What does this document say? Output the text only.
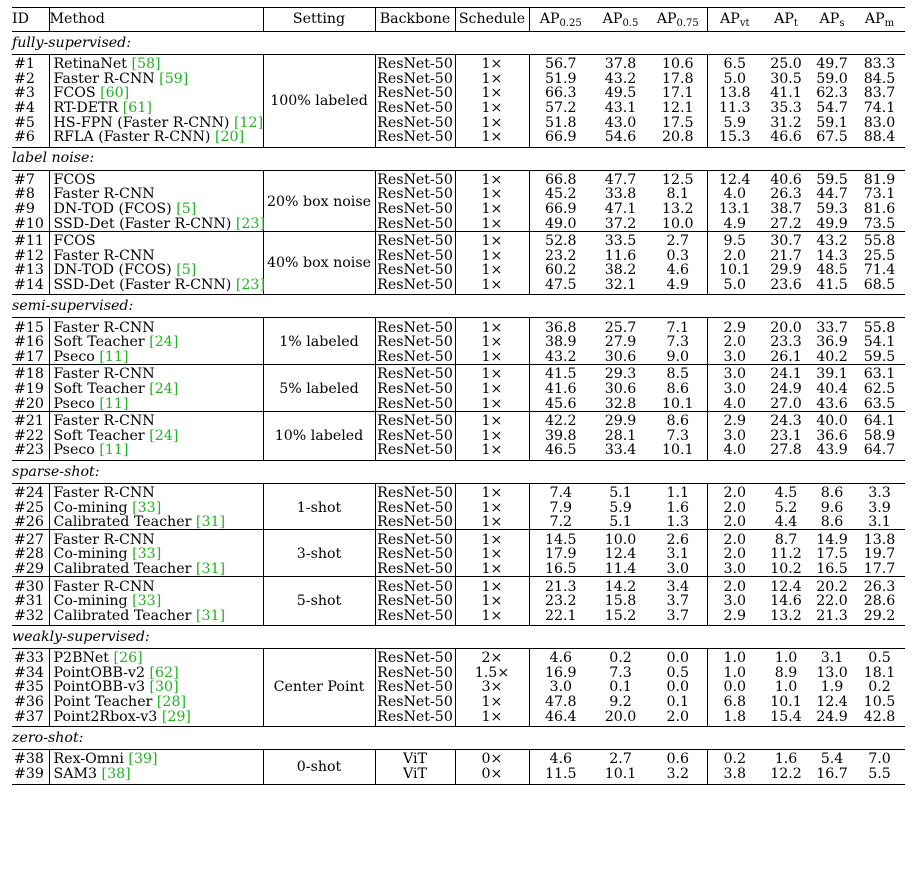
ID	Method	Setting	Backbone	Schedule	$AP_{0.25}$	$AP_{0.5}$	$AP_{0.75}$	$AP_{vt}$	$AP_t$	$AP_s$	$AP_m$
fully-supervised:											

#1	RetinaNet [58]	100% labeled	ResNet-50	1×	56.7	37.8	10.6	6.5	25.0	49.7	83.3
#2	Faster R-CNN [59]		ResNet-50	1×	51.9	43.2	17.8	5.0	30.5	59.0	84.5
#3	FCOS [60]		ResNet-50	1×	66.3	49.5	17.1	13.8	41.1	62.3	83.7
#4	RT-DETR [61]		ResNet-50	1×	57.2	43.1	12.1	11.3	35.3	54.7	74.1
#5	HS-FPN (Faster R-CNN) [12]		ResNet-50	1×	51.8	43.0	17.5	5.9	31.2	59.1	83.0
#6	RFLA (Faster R-CNN) [20]		ResNet-50	1×	66.9	54.6	20.8	15.3	46.6	67.5	88.4

label noise:											

#7	FCOS	20% box noise	ResNet-50	1×	66.8	47.7	12.5	12.4	40.6	59.5	81.9
#8	Faster R-CNN		ResNet-50	1×	45.2	33.8	8.1	4.0	26.3	44.7	73.1
#9	DN-TOD (FCOS) [5]		ResNet-50	1×	66.9	47.1	13.2	13.1	38.7	59.3	81.6
#10	SSD-Det (Faster R-CNN) [23]		ResNet-50	1×	49.0	37.2	10.0	4.9	27.2	49.9	73.5

#11	FCOS	40% box noise	ResNet-50	1×	52.8	33.5	2.7	9.5	30.7	43.2	55.8
#12	Faster R-CNN		ResNet-50	1×	23.2	11.6	0.3	2.0	21.7	14.3	25.5
#13	DN-TOD (FCOS) [5]		ResNet-50	1×	60.2	38.2	4.6	10.1	29.9	48.5	71.4
#14	SSD-Det (Faster R-CNN) [23]		ResNet-50	1×	47.5	32.1	4.9	5.0	23.6	41.5	68.5

semi-supervised:											

#15	Faster R-CNN	1% labeled	ResNet-50	1×	36.8	25.7	7.1	2.9	20.0	33.7	55.8
#16	Soft Teacher [24]		ResNet-50	1×	38.9	27.9	7.3	2.0	23.3	36.9	54.1
#17	Pseco [11]		ResNet-50	1×	43.2	30.6	9.0	3.0	26.1	40.2	59.5

#18	Faster R-CNN	5% labeled	ResNet-50	1×	41.5	29.3	8.5	3.0	24.1	39.1	63.1
#19	Soft Teacher [24]		ResNet-50	1×	41.6	30.6	8.6	3.0	24.9	40.4	62.5
#20	Pseco [11]		ResNet-50	1×	45.6	32.8	10.1	4.0	27.0	43.6	63.5

#21	Faster R-CNN	10% labeled	ResNet-50	1×	42.2	29.9	8.6	2.9	24.3	40.0	64.1
#22	Soft Teacher [24]		ResNet-50	1×	39.8	28.1	7.3	3.0	23.1	36.6	58.9
#23	Pseco [11]		ResNet-50	1×	46.5	33.4	10.1	4.0	27.8	43.9	64.7

sparse-shot:											

#24	Faster R-CNN	1-shot	ResNet-50	1×	7.4	5.1	1.1	2.0	4.5	8.6	3.3
#25	Co-mining [33]		ResNet-50	1×	7.9	5.9	1.6	2.0	5.2	9.6	3.9
#26	Calibrated Teacher [31]		ResNet-50	1×	7.2	5.1	1.3	2.0	4.4	8.6	3.1

#27	Faster R-CNN	3-shot	ResNet-50	1×	14.5	10.0	2.6	2.0	8.7	14.9	13.8
#28	Co-mining [33]		ResNet-50	1×	17.9	12.4	3.1	2.0	11.2	17.5	19.7
#29	Calibrated Teacher [31]		ResNet-50	1×	16.5	11.4	3.0	3.0	10.2	16.5	17.7

#30	Faster R-CNN	5-shot	ResNet-50	1×	21.3	14.2	3.4	2.0	12.4	20.2	26.3
#31	Co-mining [33]		ResNet-50	1×	23.2	15.8	3.7	3.0	14.6	22.0	28.6
#32	Calibrated Teacher [31]		ResNet-50	1×	22.1	15.2	3.7	2.9	13.2	21.3	29.2

weakly-supervised:											

#33	P2BNet [26]	Center Point	ResNet-50	2×	4.6	0.2	0.0	1.0	1.0	3.1	0.5
#34	PointOBB-v2 [62]		ResNet-50	1.5×	16.9	7.3	0.5	1.0	8.9	13.0	18.1
#35	PointOBB-v3 [30]		ResNet-50	3×	3.0	0.1	0.0	0.0	1.0	1.9	0.2
#36	Point Teacher [28]		ResNet-50	1×	47.8	9.2	0.1	6.8	10.1	12.4	10.5
#37	Point2Rbox-v3 [29]		ResNet-50	1×	46.4	20.0	2.0	1.8	15.4	24.9	42.8

zero-shot:											

#38	Rex-Omni [39]	0-shot	ViT	0×	4.6	2.7	0.6	0.2	1.6	5.4	7.0
#39	SAM3 [38]		ViT	0×	11.5	10.1	3.2	3.8	12.2	16.7	5.5
